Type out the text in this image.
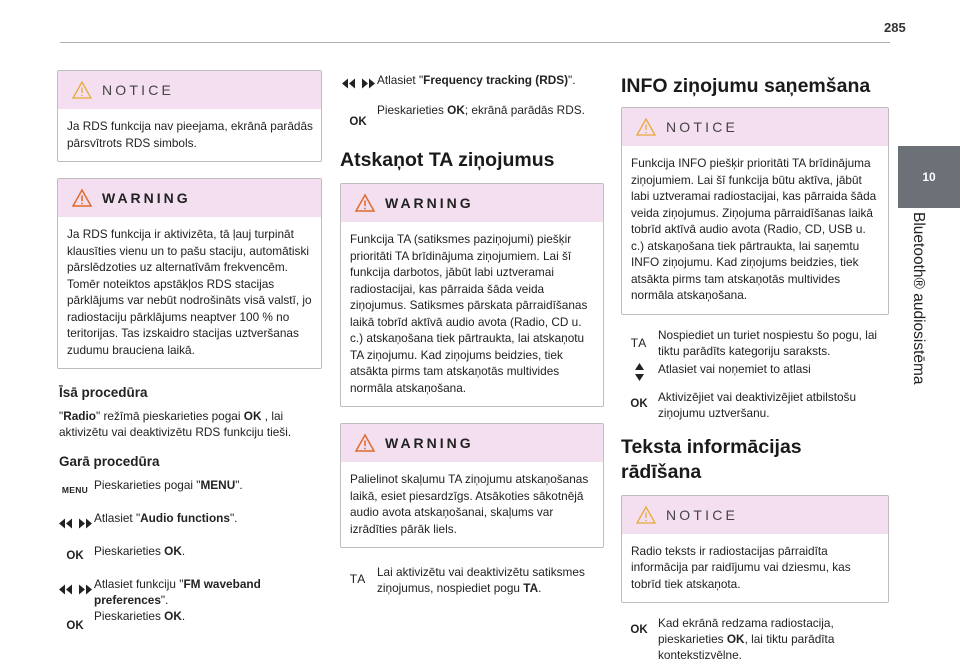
285
10
Bluetooth® audiosistēma
NOTICE
Ja RDS funkcija nav pieejama, ekrānā parādās pārsvītrots RDS simbols.
WARNING
Ja RDS funkcija ir aktivizēta, tā ļauj turpināt klausīties vienu un to pašu staciju, automātiski pārslēdzoties uz alternatīvām frekvencēm. Tomēr noteiktos apstākļos RDS stacijas pārklājums var nebūt nodrošināts visā valstī, jo radiostaciju pārklājums neaptver 100 % no teritorijas. Tas izskaidro stacijas uztveršanas zudumu brauciena laikā.
Īsā procedūra

"Radio" režīmā pieskarieties pogai OK , lai aktivizētu vai deaktivizētu RDS funkciju tieši.

Garā procedūra
MENU Pieskarieties pogai "MENU".
Atlasiet "Audio functions".
OK Pieskarieties OK.
Atlasiet funkciju "FM waveband preferences".
OK
Pieskarieties OK.
Atlasiet "Frequency tracking (RDS)".
OK
Pieskarieties OK; ekrānā parādās RDS.
Atskaņot TA ziņojumus
WARNING
Funkcija TA (satiksmes paziņojumi) piešķir prioritāti TA brīdinājuma ziņojumiem. Lai šī funkcija darbotos, jābūt labi uztveramai radiostacijai, kas pārraida šāda veida ziņojumus. Satiksmes pārskata pārraidīšanas laikā tobrīd aktīvā audio avota (Radio, CD u. c.) atskaņošana tiek pārtraukta, lai atskaņotu TA ziņojumu. Kad ziņojums beidzies, tiek atsākta pirms tam atskaņotās multivides normāla atskaņošana.
WARNING
Palielinot skaļumu TA ziņojumu atskaņošanas laikā, esiet piesardzīgs. Atsākoties sākotnējā audio avota atskaņošanai, skaļums var izrādīties pārāk liels.
TA Lai aktivizētu vai deaktivizētu satiksmes ziņojumus, nospiediet pogu TA.
INFO ziņojumu saņemšana
NOTICE
Funkcija INFO piešķir prioritāti TA brīdinājuma ziņojumiem. Lai šī funkcija būtu aktīva, jābūt labi uztveramai radiostacijai, kas pārraida šāda veida ziņojumus. Ziņojuma pārraidīšanas laikā tobrīd aktīvā audio avota (Radio, CD, USB u. c.) atskaņošana tiek pārtraukta, lai saņemtu INFO ziņojumu. Kad ziņojums beidzies, tiek atsākta pirms tam atskaņotās multivides normāla atskaņošana.
TA
Nospiediet un turiet nospiestu šo pogu, lai tiktu parādīts kategoriju saraksts.
Atlasiet vai noņemiet to atlasi
OK Aktivizējiet vai deaktivizējiet atbilstošu ziņojumu uztveršanu.
Teksta informācijas
rādīšana
NOTICE
Radio teksts ir radiostacijas pārraidīta informācija par raidījumu vai dziesmu, kas tobrīd tiek atskaņota.
OK Kad ekrānā redzama radiostacija, pieskarieties OK, lai tiktu parādīta kontekstizvēlne.
